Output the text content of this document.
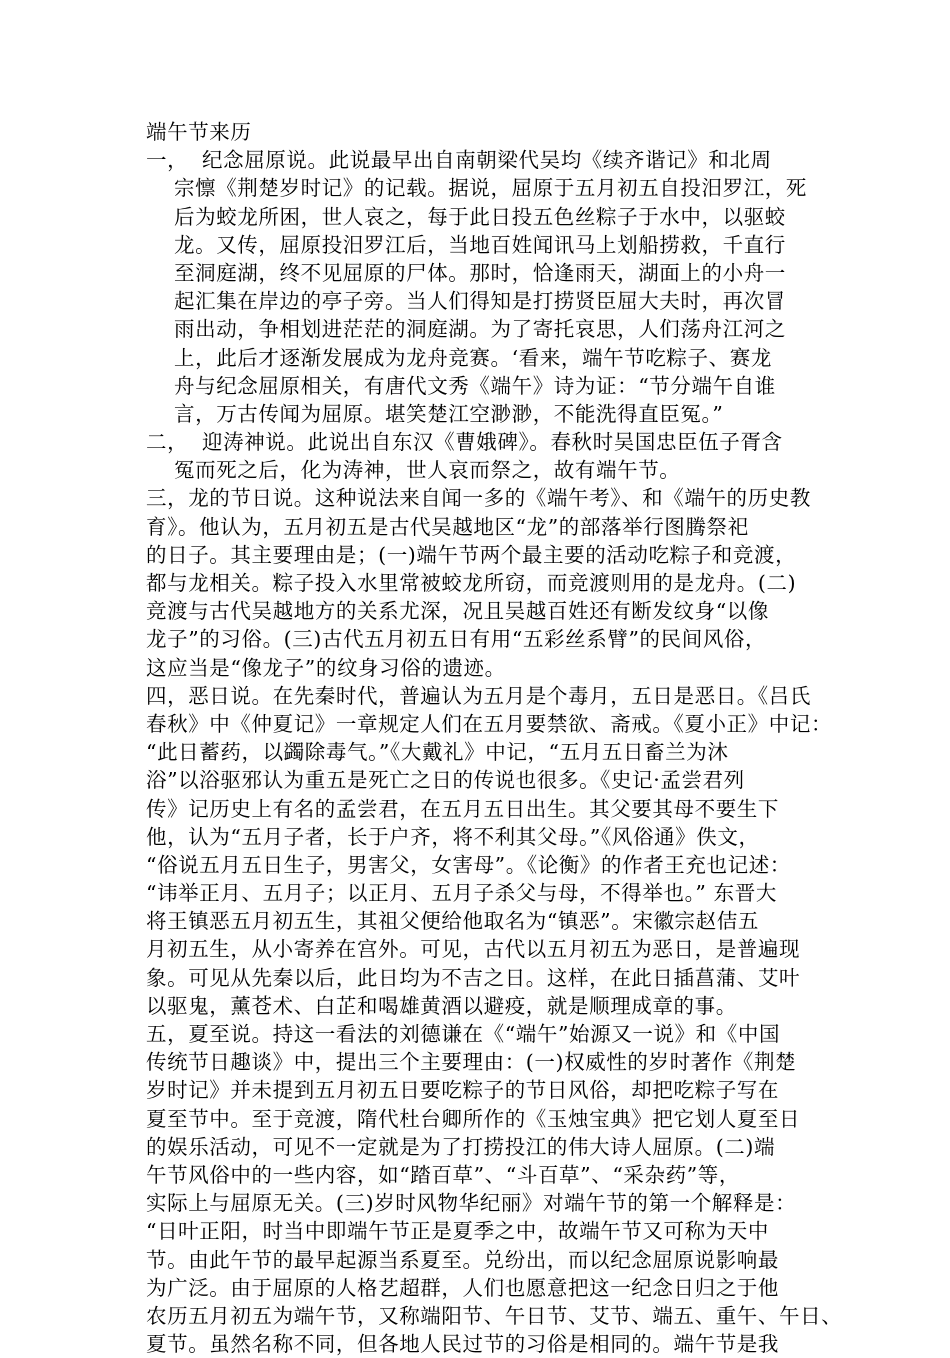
端午节来历
一， 纪念屈原说。此说最早出自南朝梁代吴均《续齐谐记》和北周
宗懔《荆楚岁时记》的记载。据说，屈原于五月初五自投汨罗江，死
后为蛟龙所困，世人哀之，每于此日投五色丝粽子于水中，以驱蛟
龙。又传，屈原投汨罗江后，当地百姓闻讯马上划船捞救，千直行
至洞庭湖，终不见屈原的尸体。那时，恰逢雨天，湖面上的小舟一
起汇集在岸边的亭子旁。当人们得知是打捞贤臣屈大夫时，再次冒
雨出动，争相划进茫茫的洞庭湖。为了寄托哀思，人们荡舟江河之
上，此后才逐渐发展成为龙舟竞赛。‘看来，端午节吃粽子、赛龙
舟与纪念屈原相关，有唐代文秀《端午》诗为证：“节分端午自谁
言，万古传闻为屈原。堪笑楚江空渺渺，不能洗得直臣冤。”
二， 迎涛神说。此说出自东汉《曹娥碑》。春秋时吴国忠臣伍子胥含
冤而死之后，化为涛神，世人哀而祭之，故有端午节。
三，龙的节日说。这种说法来自闻一多的《端午考》、和《端午的历史教
育》。他认为，五月初五是古代吴越地区“龙”的部落举行图腾祭祀
的日子。其主要理由是；(一)端午节两个最主要的活动吃粽子和竞渡，
都与龙相关。粽子投入水里常被蛟龙所窃，而竞渡则用的是龙舟。(二)
竞渡与古代吴越地方的关系尤深，况且吴越百姓还有断发纹身“以像
龙子”的习俗。(三)古代五月初五日有用“五彩丝系臂”的民间风俗，
这应当是“像龙子”的纹身习俗的遗迹。
四，恶日说。在先秦时代，普遍认为五月是个毒月，五日是恶日。《吕氏
春秋》中《仲夏记》一章规定人们在五月要禁欲、斋戒。《夏小正》中记：
“此日蓄药，以蠲除毒气。”《大戴礼》中记，“五月五日畜兰为沐
浴”以浴驱邪认为重五是死亡之日的传说也很多。《史记·孟尝君列
传》记历史上有名的孟尝君，在五月五日出生。其父要其母不要生下
他，认为“五月子者，长于户齐，将不利其父母。”《风俗通》佚文，
“俗说五月五日生子，男害父，女害母”。《论衡》的作者王充也记述：
“讳举正月、五月子；以正月、五月子杀父与母，不得举也。” 东晋大
将王镇恶五月初五生，其祖父便给他取名为“镇恶”。宋徽宗赵佶五
月初五生，从小寄养在宫外。可见，古代以五月初五为恶日，是普遍现
象。可见从先秦以后，此日均为不吉之日。这样，在此日插菖蒲、艾叶
以驱鬼，薰苍术、白芷和喝雄黄酒以避疫，就是顺理成章的事。
五，夏至说。持这一看法的刘德谦在《“端午”始源又一说》和《中国
传统节日趣谈》中，提出三个主要理由：(一)权威性的岁时著作《荆楚
岁时记》并未提到五月初五日要吃粽子的节日风俗，却把吃粽子写在
夏至节中。至于竞渡，隋代杜台卿所作的《玉烛宝典》把它划人夏至日
的娱乐活动，可见不一定就是为了打捞投江的伟大诗人屈原。(二)端
午节风俗中的一些内容，如“踏百草”、“斗百草”、“采杂药”等，
实际上与屈原无关。(三)岁时风物华纪丽》对端午节的第一个解释是：
“日叶正阳，时当中即端午节正是夏季之中，故端午节又可称为天中
节。由此午节的最早起源当系夏至。兑纷出，而以纪念屈原说影响最
为广泛。由于屈原的人格艺超群，人们也愿意把这一纪念日归之于他
农历五月初五为端午节，又称端阳节、午日节、艾节、端五、重午、午日、
夏节。虽然名称不同，但各地人民过节的习俗是相同的。端午节是我
